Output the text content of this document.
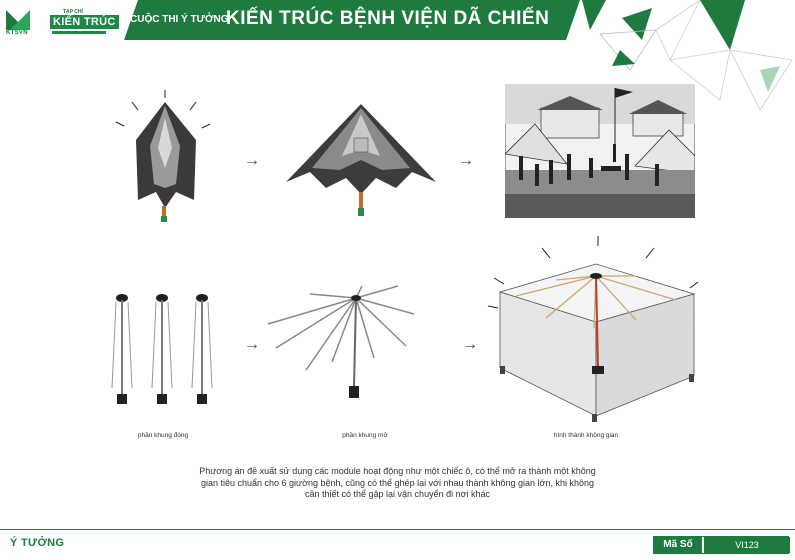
KTSVN
TẠP CHÍ
KIẾN TRÚC	CUỘC THI Ý TƯỞNG
KIẾN TRÚC BỆNH VIỆN DÃ CHIẾN
→	→
→	→
phần khung đóng	phần khung mở	hình thành không gian
Phương án đề xuất sử dụng các module hoạt động như một chiếc ô, có thể mở ra thành một không
gian tiêu chuẩn cho 6 giường bệnh, cũng có thể ghép lại với nhau thành không gian lớn, khi không
cần thiết có thể gập lại vận chuyển đi nơi khác
Ý TƯỞNG	Mã Số	VI123
